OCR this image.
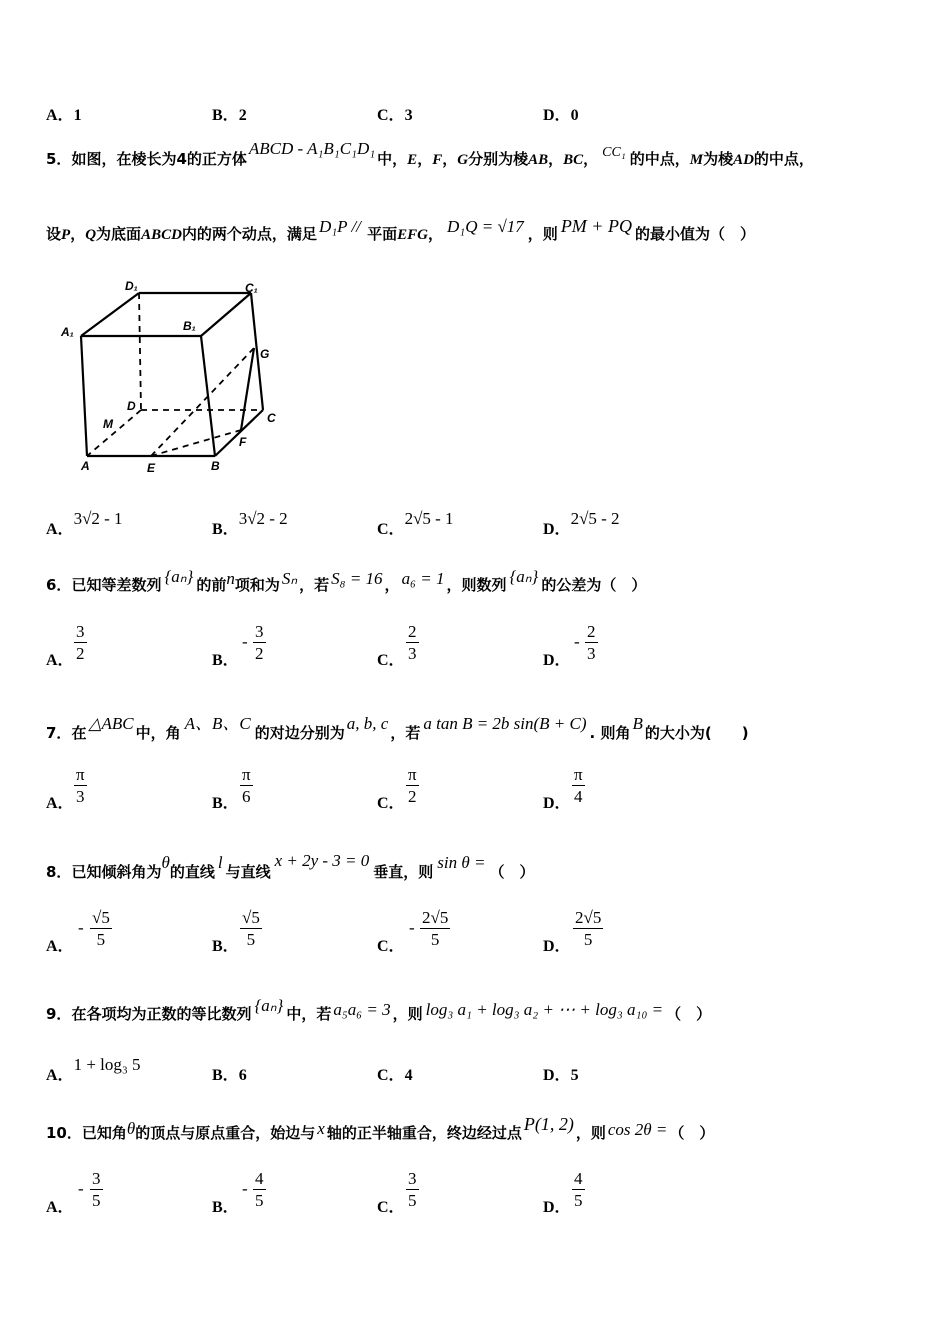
A．1	B．2	C．3	D．0
5．如图，在棱长为4的正方体ABCD - A₁B₁C₁D₁中，E，F，G分别为棱AB，BC， CC₁ 的中点，M为棱AD的中点，
设P，Q为底面ABCD内的两个动点，满足 D₁P // 平面EFG， D₁Q = √17 ，则 PM + PQ 的最小值为（　）
D₁	C₁
A₁	B₁
G
D
C
M
F
A	E	B
A．3√2 - 1
B．3√2 - 2
C．2√5 - 1
D．2√5 - 2
6．已知等差数列 {aₙ} 的前n项和为 Sₙ ，若 S₈ = 16 ， a₆ = 1 ，则数列 {aₙ} 的公差为（　）
A． $\frac{3}{2}$	B．
- $\frac{3}{2}$	C． $\frac{2}{3}$	D．
- $\frac{2}{3}$
7．在 △ABC 中，角 A、B、C 的对边分别为 a, b, c ，若 a tan B = 2b sin(B + C) . 则角 B 的大小为(　　)
A． $\frac{\pi}{3}$	B． $\frac{\pi}{6}$	C． $\frac{\pi}{2}$	D． $\frac{\pi}{4}$
8．已知倾斜角为θ的直线 l 与直线x + 2y - 3 = 0垂直，则 sin θ = （　）
A．
- $\frac{√5}{5}$	B． $\frac{√5}{5}$	C．
- $\frac{2√5}{5}$	D． $\frac{2√5}{5}$
9．在各项均为正数的等比数列 {aₙ} 中，若 a₅a₆ = 3 ，则 log₃ a₁ + log₃ a₂ + ⋯ + log₃ a₁₀ = （　）
A．1 + log₃ 5
B．6	C．4	D．5
10．已知角θ的顶点与原点重合，始边与 x 轴的正半轴重合，终边经过点 P(1, 2) ，则 cos 2θ = （　）
A．
- $\frac{3}{5}$	B．
- $\frac{4}{5}$	C． $\frac{3}{5}$	D． $\frac{4}{5}$
